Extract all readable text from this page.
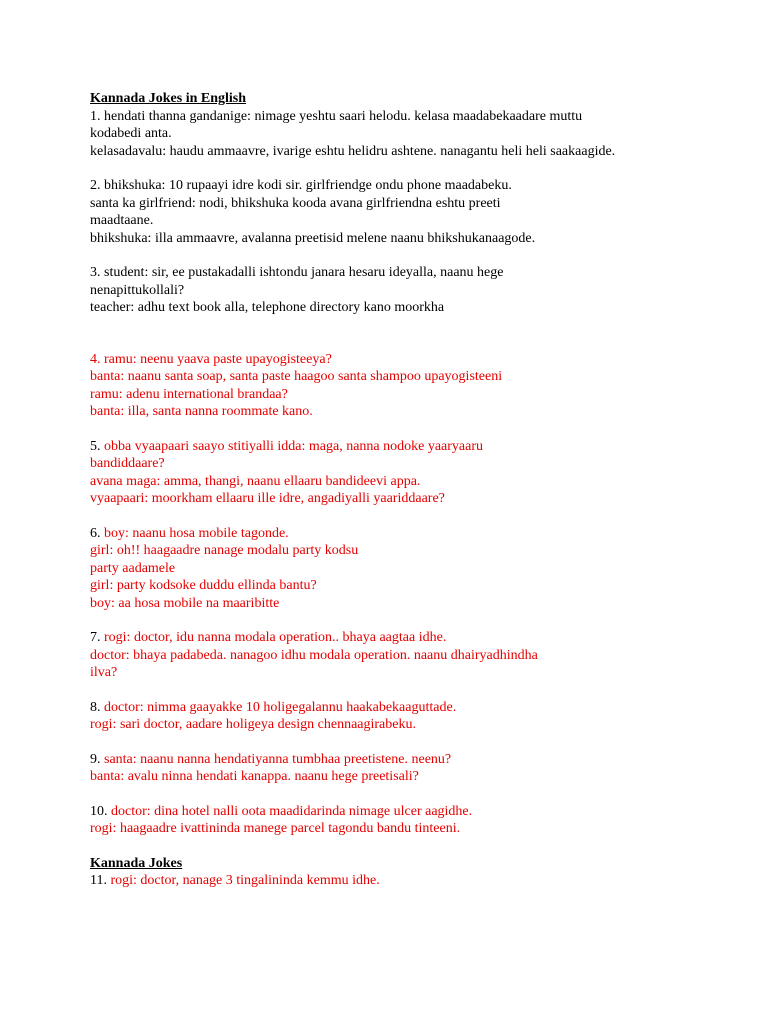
Kannada Jokes in English
1. hendati thanna gandanige: nimage yeshtu saari helodu. kelasa maadabekaadare muttu
kodabedi anta.
kelasadavalu: haudu ammaavre, ivarige eshtu helidru ashtene. nanagantu heli heli saakaagide.
2. bhikshuka: 10 rupaayi idre kodi sir. girlfriendge ondu phone maadabeku.
santa ka girlfriend: nodi, bhikshuka kooda avana girlfriendna eshtu preeti
maadtaane.
bhikshuka: illa ammaavre, avalanna preetisid melene naanu bhikshukanaagode.
3. student: sir, ee pustakadalli ishtondu janara hesaru ideyalla, naanu hege
nenapittukollali?
teacher: adhu text book alla, telephone directory kano moorkha
4. ramu: neenu yaava paste upayogisteeya?
banta: naanu santa soap, santa paste haagoo santa shampoo upayogisteeni
ramu: adenu international brandaa?
banta: illa, santa nanna roommate kano.
5. obba vyaapaari saayo stitiyalli idda: maga, nanna nodoke yaaryaaru
bandiddaare?
avana maga: amma, thangi, naanu ellaaru bandideevi appa.
vyaapaari: moorkham ellaaru ille idre, angadiyalli yaariddaare?
6. boy: naanu hosa mobile tagonde.
girl: oh!! haagaadre nanage modalu party kodsu
party aadamele
girl: party kodsoke duddu ellinda bantu?
boy: aa hosa mobile na maaribitte
7. rogi: doctor, idu nanna modala operation.. bhaya aagtaa idhe.
doctor: bhaya padabeda. nanagoo idhu modala operation. naanu dhairyadhindha
ilva?
8. doctor: nimma gaayakke 10 holigegalannu haakabekaaguttade.
rogi: sari doctor, aadare holigeya design chennaagirabeku.
9. santa: naanu nanna hendatiyanna tumbhaa preetistene. neenu?
banta: avalu ninna hendati kanappa. naanu hege preetisali?
10. doctor: dina hotel nalli oota maadidarinda nimage ulcer aagidhe.
rogi: haagaadre ivattininda manege parcel tagondu bandu tinteeni.
Kannada Jokes
11. rogi: doctor, nanage 3 tingalininda kemmu idhe.
